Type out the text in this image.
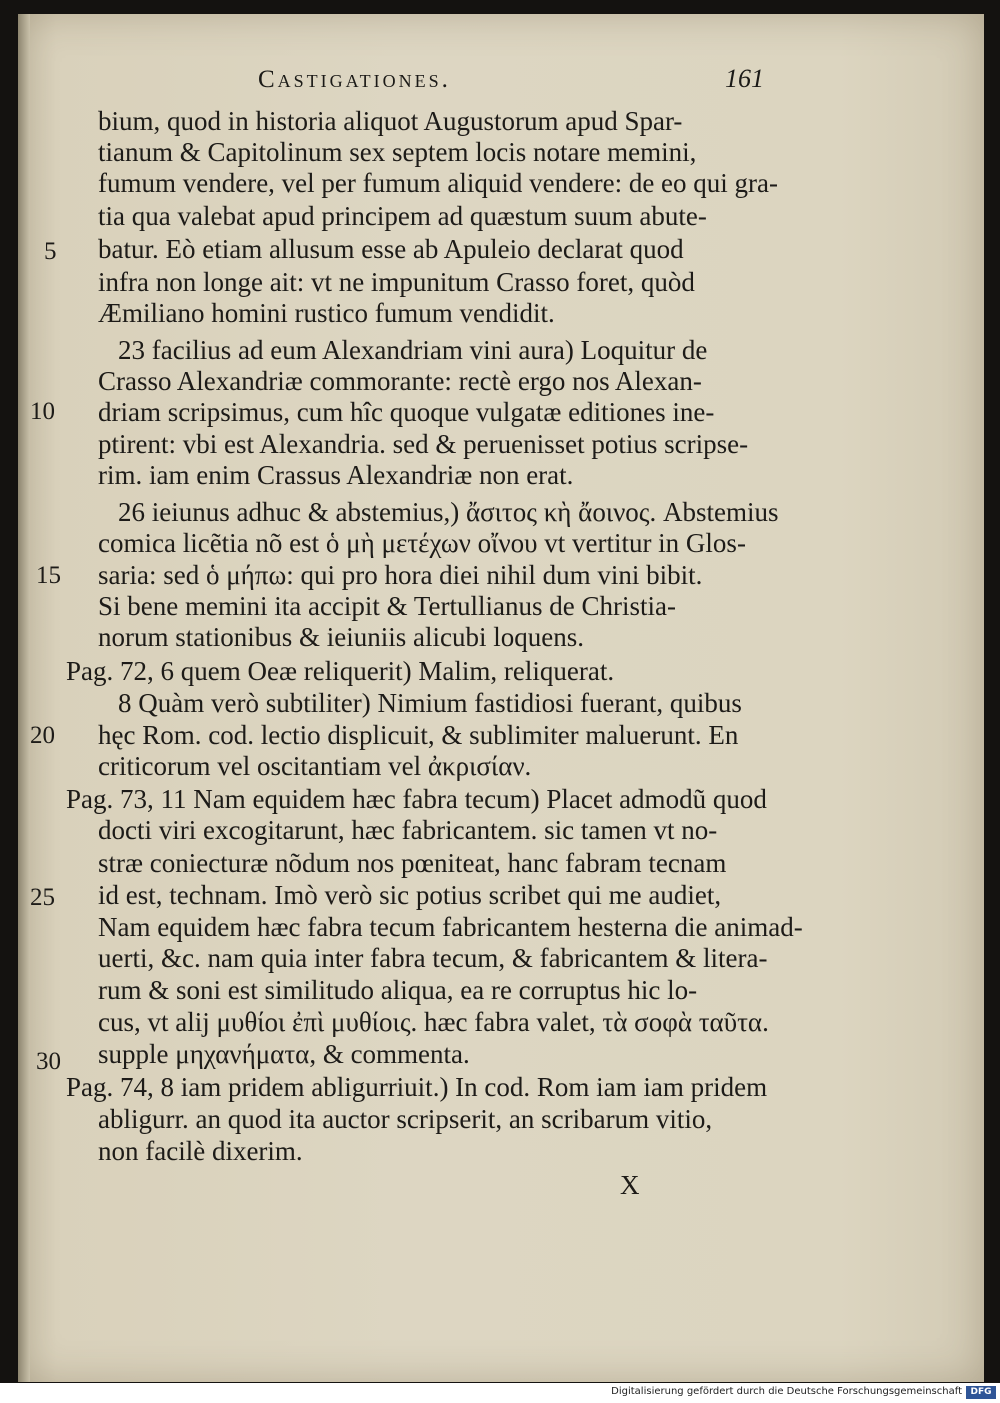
Castigationes.	161
bium, quod in historia aliquot Augustorum apud Spar-
tianum & Capitolinum sex septem locis notare memini,
fumum vendere, vel per fumum aliquid vendere: de eo qui gra-
tia qua valebat apud principem ad quæstum suum abute-
batur. Eò etiam allusum esse ab Apuleio declarat quod
infra non longe ait: vt ne impunitum Crasso foret, quòd
Æmiliano homini rustico fumum vendidit.
23 facilius ad eum Alexandriam vini aura) Loquitur de
Crasso Alexandriæ commorante: rectè ergo nos Alexan-
driam scripsimus, cum hîc quoque vulgatæ editiones ine-
ptirent: vbi est Alexandria. sed & peruenisset potius scripse-
rim. iam enim Crassus Alexandriæ non erat.
26 ieiunus adhuc & abstemius,) ἄσιτος κὴ ἄοινος. Abstemius
comica licẽtia nõ est ὁ μὴ μετέχων οἴνου vt vertitur in Glos-
saria: sed ὁ μήπω: qui pro hora diei nihil dum vini bibit.
Si bene memini ita accipit & Tertullianus de Christia-
norum stationibus & ieiuniis alicubi loquens.
Pag. 72, 6 quem Oeæ reliquerit) Malim, reliquerat.
8 Quàm verò subtiliter) Nimium fastidiosi fuerant, quibus
hęc Rom. cod. lectio displicuit, & sublimiter maluerunt. En
criticorum vel oscitantiam vel ἀκρισίαν.
Pag. 73, 11 Nam equidem hæc fabra tecum) Placet admodũ quod
docti viri excogitarunt, hæc fabricantem. sic tamen vt no-
stræ coniecturæ nõdum nos pœniteat, hanc fabram tecnam
id est, technam. Imò verò sic potius scribet qui me audiet,
Nam equidem hæc fabra tecum fabricantem hesterna die animad-
uerti, &c. nam quia inter fabra tecum, & fabricantem & litera-
rum & soni est similitudo aliqua, ea re corruptus hic lo-
cus, vt alij μυθίοι ἐπὶ μυθίοις. hæc fabra valet, τὰ σοφὰ ταῦτα.
supple μηχανήματα, & commenta.
Pag. 74, 8 iam pridem abligurriuit.) In cod. Rom iam iam pridem
abligurr. an quod ita auctor scripserit, an scribarum vitio,
non facilè dixerim.
5
10
15
20
25
30
X
Digitalisierung gefördert durch die Deutsche Forschungsgemeinschaft DFG
